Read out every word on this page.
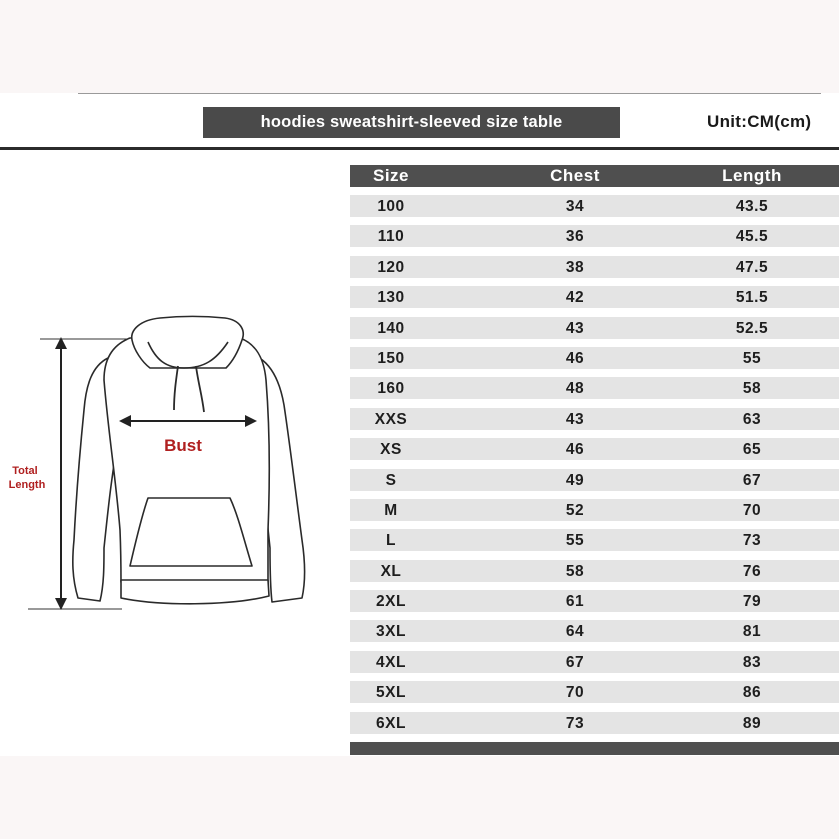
hoodies sweatshirt-sleeved size table	Unit:CM(cm)
Total
Length
Bust
Size	Chest	Length
100	34	43.5
110	36	45.5
120	38	47.5
130	42	51.5
140	43	52.5
150	46	55
160	48	58
XXS	43	63
XS	46	65
S	49	67
M	52	70
L	55	73
XL	58	76
2XL	61	79
3XL	64	81
4XL	67	83
5XL	70	86
6XL	73	89
